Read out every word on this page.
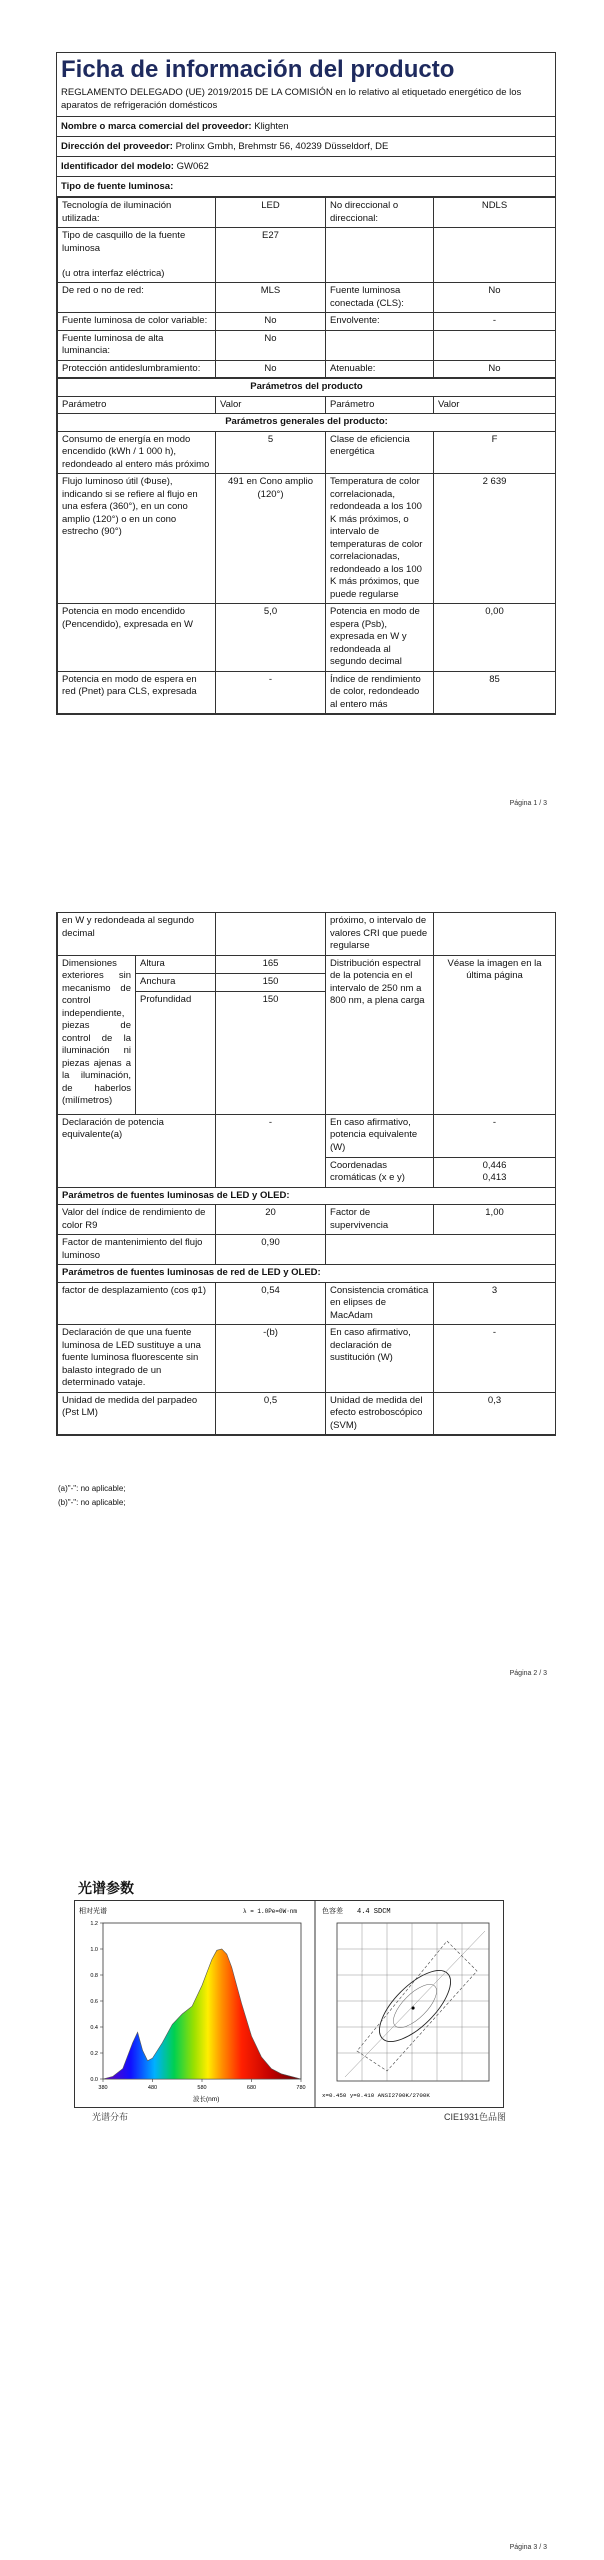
Ficha de información del producto
REGLAMENTO DELEGADO (UE) 2019/2015 DE LA COMISIÓN en lo relativo al etiquetado energético de los aparatos de refrigeración domésticos
Nombre o marca comercial del proveedor: Klighten
Dirección del proveedor: Prolinx Gmbh, Brehmstr 56, 40239 Düsseldorf, DE
Identificador del modelo: GW062
Tipo de fuente luminosa:
Tecnología de iluminación utilizada:	LED	No direccional o direccional:	NDLS
Tipo de casquillo de la fuente luminosa

(u otra interfaz eléctrica)	E27		
De red o no de red:	MLS	Fuente luminosa conectada (CLS):	No
Fuente luminosa de color variable:	No	Envolvente:	-
Fuente luminosa de alta luminancia:	No		
Protección antideslumbramiento:	No	Atenuable:	No
Parámetros del producto			
Parámetro	Valor	Parámetro	Valor
Parámetros generales del producto:			
Consumo de energía en modo encendido (kWh / 1 000 h), redondeado al entero más próximo	5	Clase de eficiencia energética	F
Flujo luminoso útil (Φuse), indicando si se refiere al flujo en una esfera (360°), en un cono amplio (120°) o en un cono estrecho (90°)	491 en Cono amplio (120°)	Temperatura de color correlacionada, redondeada a los 100 K más próximos, o intervalo de temperaturas de color correlacionadas, redondeado a los 100 K más próximos, que puede regularse	2 639
Potencia en modo encendido (Pencendido), expresada en W	5,0	Potencia en modo de espera (Psb), expresada en W y redondeada al segundo decimal	0,00
Potencia en modo de espera en red (Pnet) para CLS, expresada	-	Índice de rendimiento de color, redondeado al entero más	85
Página 1 / 3
en W y redondeada al segundo decimal			próximo, o intervalo de valores CRI que puede regularse	
Dimensiones exteriores sin mecanismo de control independiente, piezas de control de la iluminación ni piezas ajenas a la iluminación, de haberlos (milímetros)	Altura	165	Distribución espectral de la potencia en el intervalo de 250 nm a 800 nm, a plena carga	Véase la imagen en la última página
	Anchura	150		
	Profundidad	150		
Declaración de potencia equivalente(a)		-	En caso afirmativo, potencia equivalente (W)	-
			Coordenadas cromáticas (x e y)	0,446
0,413

Parámetros de fuentes luminosas de LED y OLED:				
Valor del índice de rendimiento de color R9		20	Factor de supervivencia	1,00
Factor de mantenimiento del flujo luminoso		0,90		
Parámetros de fuentes luminosas de red de LED y OLED:				
factor de desplazamiento (cos φ1)		0,54	Consistencia cromática en elipses de MacAdam	3
Declaración de que una fuente luminosa de LED sustituye a una fuente luminosa fluorescente sin balasto integrado de un determinado vataje.		-(b)	En caso afirmativo, declaración de sustitución (W)	-
Unidad de medida del parpadeo (Pst LM)		0,5	Unidad de medida del efecto estroboscópico (SVM)	0,3
(a)"-": no aplicable;
(b)"-": no aplicable;
Página 2 / 3
光谱参数
相对光谱	λ = 1.0Pe=0W·nm
0.0
0.2
0.4
0.6
0.8
1.0
1.2
380	480	580	680	780
波长(nm)
色容差 4.4 SDCM
x=0.450 y=0.410 ANSI2700K/2700K
光谱分布	CIE1931色品图
Página 3 / 3
